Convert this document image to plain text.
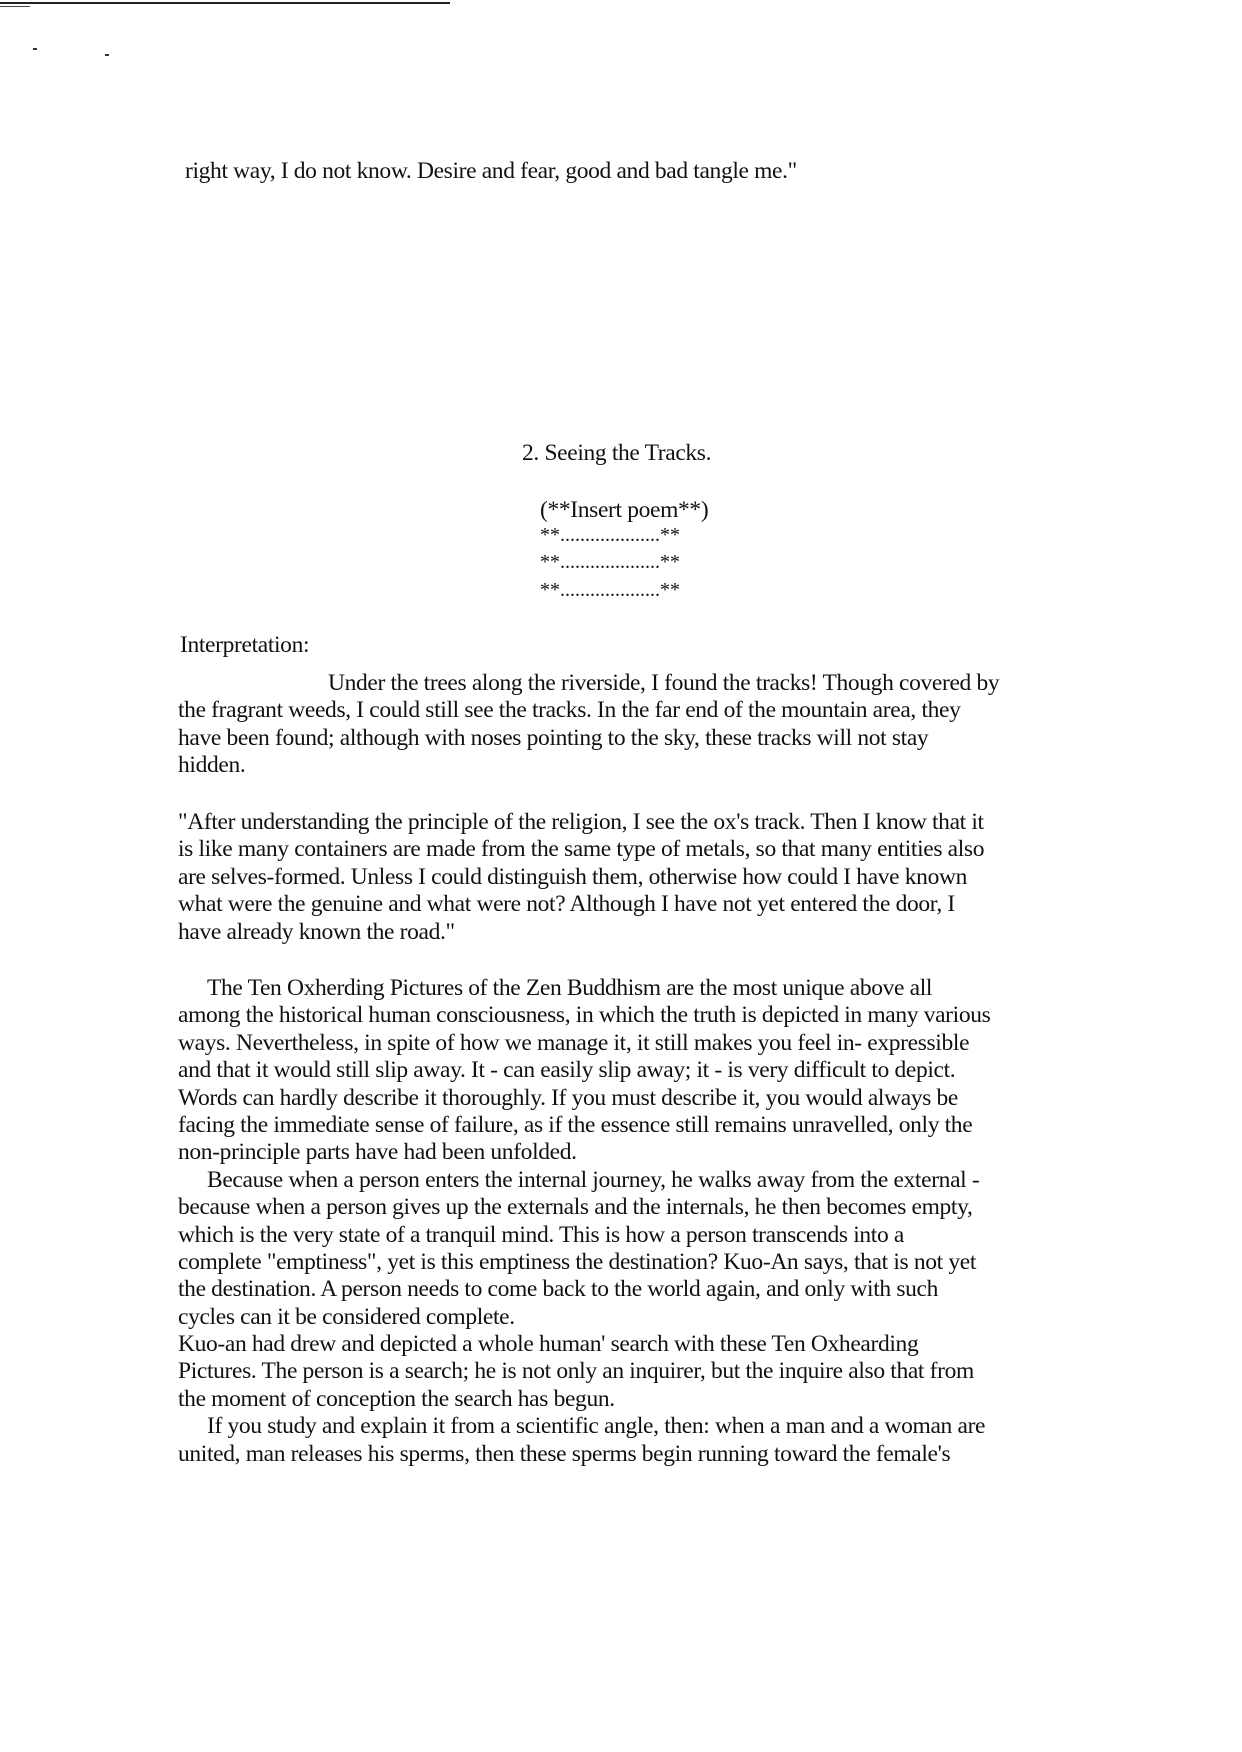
right way, I do not know. Desire and fear, good and bad tangle me."
2. Seeing the Tracks.
(**Insert poem**)
**....................**
**....................**
**....................**
Interpretation:
Under the trees along the riverside, I found the tracks! Though covered by
the fragrant weeds, I could still see the tracks. In the far end of the mountain area, they
have been found; although with noses pointing to the sky, these tracks will not stay
hidden.
"After understanding the principle of the religion, I see the ox's track. Then I know that it
is like many containers are made from the same type of metals, so that many entities also
are selves-formed. Unless I could distinguish them, otherwise how could I have known
what were the genuine and what were not? Although I have not yet entered the door, I
have already known the road."
The Ten Oxherding Pictures of the Zen Buddhism are the most unique above all
among the historical human consciousness, in which the truth is depicted in many various
ways. Nevertheless, in spite of how we manage it, it still makes you feel in- expressible
and that it would still slip away. It - can easily slip away; it - is very difficult to depict.
Words can hardly describe it thoroughly. If you must describe it, you would always be
facing the immediate sense of failure, as if the essence still remains unravelled, only the
non-principle parts have had been unfolded.
Because when a person enters the internal journey, he walks away from the external -
because when a person gives up the externals and the internals, he then becomes empty,
which is the very state of a tranquil mind. This is how a person transcends into a
complete "emptiness", yet is this emptiness the destination? Kuo-An says, that is not yet
the destination. A person needs to come back to the world again, and only with such
cycles can it be considered complete.
Kuo-an had drew and depicted a whole human' search with these Ten Oxhearding
Pictures. The person is a search; he is not only an inquirer, but the inquire also that from
the moment of conception the search has begun.
If you study and explain it from a scientific angle, then: when a man and a woman are
united, man releases his sperms, then these sperms begin running toward the female's
